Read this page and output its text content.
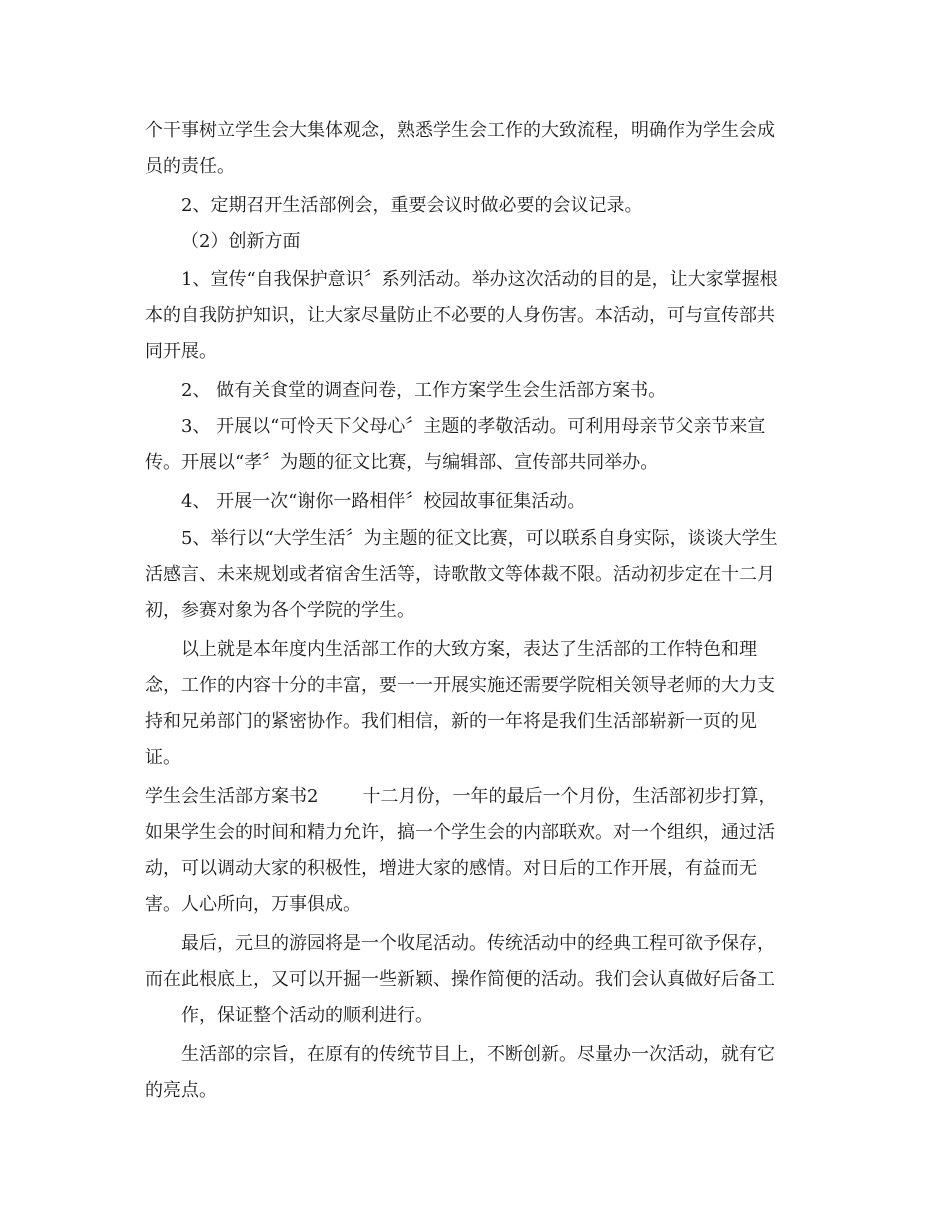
个干事树立学生会大集体观念，熟悉学生会工作的大致流程，明确作为学生会成

员的责任。

2、定期召开生活部例会，重要会议时做必要的会议记录。

（2）创新方面

1、宣传“自我保护意识〞系列活动。举办这次活动的目的是，让大家掌握根

本的自我防护知识，让大家尽量防止不必要的人身伤害。本活动，可与宣传部共

同开展。

2、 做有关食堂的调查问卷，工作方案学生会生活部方案书。

3、 开展以“可怜天下父母心〞主题的孝敬活动。可利用母亲节父亲节来宣

传。开展以“孝〞为题的征文比赛，与编辑部、宣传部共同举办。

4、 开展一次“谢你一路相伴〞校园故事征集活动。

5、举行以“大学生活〞为主题的征文比赛，可以联系自身实际，谈谈大学生

活感言、未来规划或者宿舍生活等，诗歌散文等体裁不限。活动初步定在十二月

初，参赛对象为各个学院的学生。

以上就是本年度内生活部工作的大致方案，表达了生活部的工作特色和理

念，工作的内容十分的丰富，要一一开展实施还需要学院相关领导老师的大力支

持和兄弟部门的紧密协作。我们相信，新的一年将是我们生活部崭新一页的见

证。

学生会生活部方案书2 十二月份，一年的最后一个月份，生活部初步打算，

如果学生会的时间和精力允许，搞一个学生会的内部联欢。对一个组织，通过活

动，可以调动大家的积极性，增进大家的感情。对日后的工作开展，有益而无

害。人心所向，万事俱成。

最后，元旦的游园将是一个收尾活动。传统活动中的经典工程可欲予保存，

而在此根底上，又可以开掘一些新颖、操作简便的活动。我们会认真做好后备工

作，保证整个活动的顺利进行。

生活部的宗旨，在原有的传统节目上，不断创新。尽量办一次活动，就有它

的亮点。
